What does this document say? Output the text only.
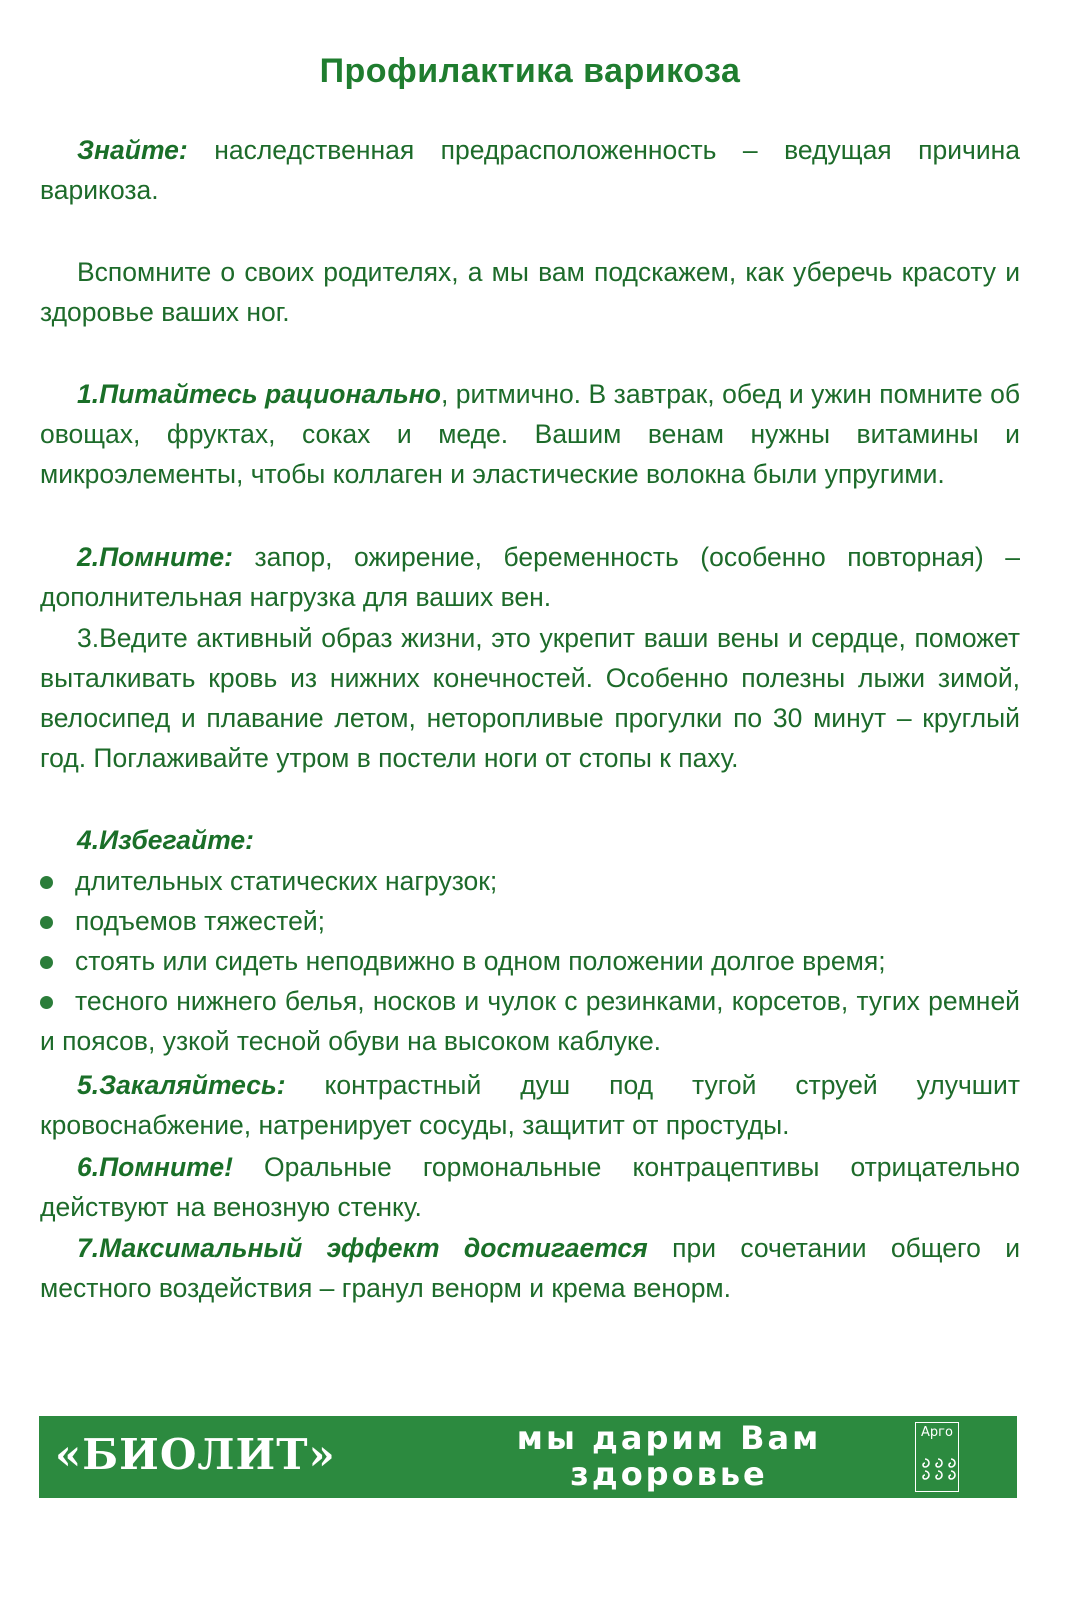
Профилактика варикоза
Знайте: наследственная предрасположенность – ведущая причина варикоза.
Вспомните о своих родителях, а мы вам подскажем, как уберечь красоту и здоровье ваших ног.
1.Питайтесь рационально, ритмично. В завтрак, обед и ужин помните об овощах, фруктах, соках и меде. Вашим венам нужны витамины и микроэлементы, чтобы коллаген и эластические волокна были упругими.
2.Помните: запор, ожирение, беременность (особенно повторная) – дополнительная нагрузка для ваших вен.
3.Ведите активный образ жизни, это укрепит ваши вены и сердце, поможет выталкивать кровь из нижних конечностей. Особенно полезны лыжи зимой, велосипед и плавание летом, неторопливые прогулки по 30 минут – круглый год. Поглаживайте утром в постели ноги от стопы к паху.
4.Избегайте:
длительных статических нагрузок;
подъемов тяжестей;
стоять или сидеть неподвижно в одном положении долгое время;
тесного нижнего белья, носков и чулок с резинками, корсетов, тугих ремней и поясов, узкой тесной обуви на высоком каблуке.
5.Закаляйтесь: контрастный душ под тугой струей улучшит кровоснабжение, натренирует сосуды, защитит от простуды.
6.Помните! Оральные гормональные контрацептивы отрицательно действуют на венозную стенку.
7.Максимальный эффект достигается при сочетании общего и местного воздействия – гранул венорм и крема венорм.
«БИОЛИТ»	мы дарим Вам
здоровье
Арго
